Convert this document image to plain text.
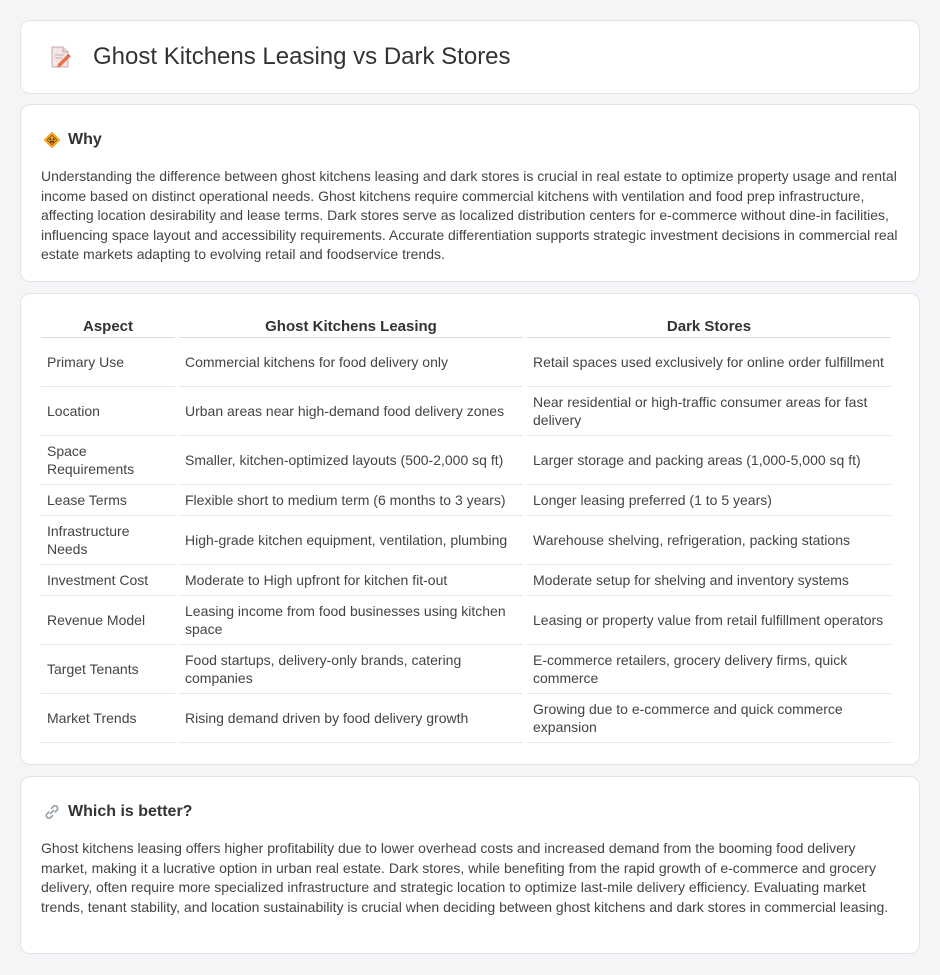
Ghost Kitchens Leasing vs Dark Stores
Why

Understanding the difference between ghost kitchens leasing and dark stores is crucial in real estate to optimize property usage and rental income based on distinct operational needs. Ghost kitchens require commercial kitchens with ventilation and food prep infrastructure, affecting location desirability and lease terms. Dark stores serve as localized distribution centers for e-commerce without dine-in facilities, influencing space layout and accessibility requirements. Accurate differentiation supports strategic investment decisions in commercial real estate markets adapting to evolving retail and foodservice trends.

Aspect	Ghost Kitchens Leasing	Dark Stores
Primary Use	Commercial kitchens for food delivery only	Retail spaces used exclusively for online order fulfillment
Location	Urban areas near high-demand food delivery zones	Near residential or high-traffic consumer areas for fast delivery
Space Requirements	Smaller, kitchen-optimized layouts (500-2,000 sq ft)	Larger storage and packing areas (1,000-5,000 sq ft)
Lease Terms	Flexible short to medium term (6 months to 3 years)	Longer leasing preferred (1 to 5 years)
Infrastructure Needs	High-grade kitchen equipment, ventilation, plumbing	Warehouse shelving, refrigeration, packing stations
Investment Cost	Moderate to High upfront for kitchen fit-out	Moderate setup for shelving and inventory systems
Revenue Model	Leasing income from food businesses using kitchen space	Leasing or property value from retail fulfillment operators
Target Tenants	Food startups, delivery-only brands, catering companies	E-commerce retailers, grocery delivery firms, quick commerce
Market Trends	Rising demand driven by food delivery growth	Growing due to e-commerce and quick commerce expansion
Which is better?

Ghost kitchens leasing offers higher profitability due to lower overhead costs and increased demand from the booming food delivery market, making it a lucrative option in urban real estate. Dark stores, while benefiting from the rapid growth of e-commerce and grocery delivery, often require more specialized infrastructure and strategic location to optimize last-mile delivery efficiency. Evaluating market trends, tenant stability, and location sustainability is crucial when deciding between ghost kitchens and dark stores in commercial leasing.
